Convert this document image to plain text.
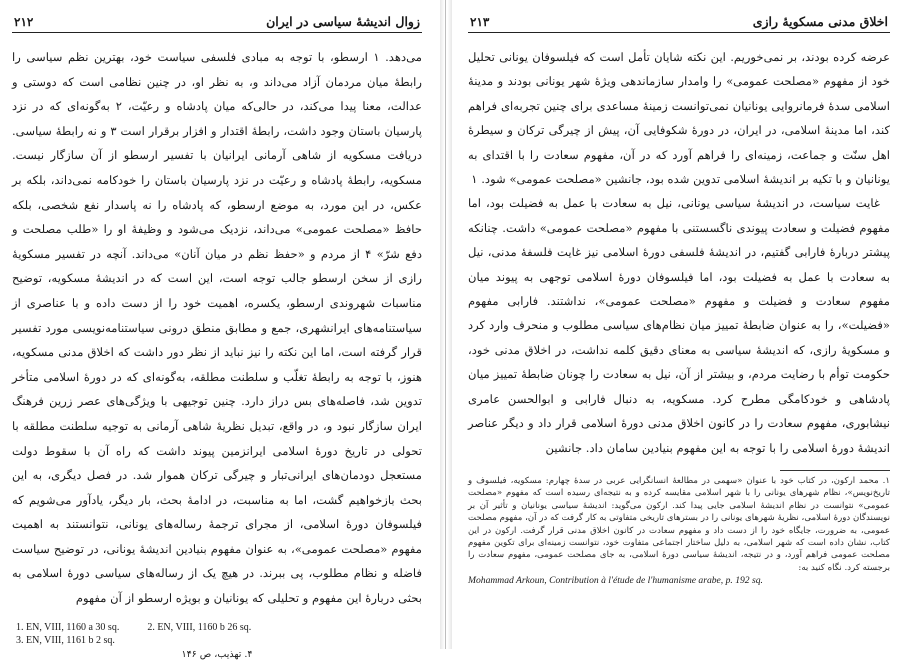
زوال اندیشهٔ سیاسی در ایران
۲۱۲

می‌دهد. ۱ ارسطو، با توجه به مبادی فلسفی سیاست خود، بهترین نظم سیاسی را رابطهٔ میان مردمان آزاد می‌داند و، به نظر او، در چنین نظامی است که دوستی و عدالت، معنا پیدا می‌کند، در حالی‌که میان پادشاه و رعیّت، ۲ به‌گونه‌ای که در نزد پارسیان باستان وجود داشت، رابطهٔ اقتدار و افزار برقرار است ۳ و نه رابطهٔ سیاسی. دریافت مسکویه از شاهی آرمانی ایرانیان با تفسیر ارسطو از آن سازگار نیست. مسکویه، رابطهٔ پادشاه و رعیّت در نزد پارسیان باستان را خودکامه نمی‌داند، بلکه بر عکس، در این مورد، به موضع ارسطو، که پادشاه را نه پاسدار نفع شخصی، بلکه حافظ «مصلحت عمومی» می‌داند، نزدیک می‌شود و وظیفهٔ او را «طلب مصلحت و دفع شرّ» ۴ از مردم و «حفظ نظم در میان آنان» می‌داند. آنچه در تفسیر مسکویهٔ رازی از سخن ارسطو جالب توجه است، این است که در اندیشهٔ مسکویه، توضیح مناسبات شهروندی ارسطو، یکسره، اهمیت خود را از دست داده و با عناصری از سیاستنامه‌های ایرانشهری، جمع و مطابق منطق درونی سیاستنامه‌نویسی مورد تفسیر قرار گرفته است، اما این نکته را نیز نباید از نظر دور داشت که اخلاق مدنی مسکویه، هنوز، با توجه به رابطهٔ تغلّب و سلطنت مطلقه، به‌گونه‌ای که در دورهٔ اسلامی متأخر تدوین شد، فاصله‌های بس دراز دارد. چنین توجیهی با ویژگی‌های عصر زرین فرهنگ ایران سازگار نبود و، در واقع، تبدیل نظریهٔ شاهی آرمانی به توجیه سلطنت مطلقه با تحولی در تاریخ دورهٔ اسلامی ایرانزمین پیوند داشت که راه آن با سقوط دولت مستعجل دودمان‌های ایرانی‌تبار و چیرگی ترکان هموار شد. در فصل دیگری، به این بحث بازخواهیم گشت، اما به مناسبت، در ادامهٔ بحث، بار دیگر، یادآور می‌شویم که فیلسوفان دورهٔ اسلامی، از مجرای ترجمهٔ رساله‌های یونانی، نتوانستند به اهمیت مفهوم «مصلحت عمومی»، به عنوان مفهوم بنیادین اندیشهٔ یونانی، در توضیح سیاست فاضله و نظام مطلوب، پی ببرند. در هیچ یک از رساله‌های سیاسی دورهٔ اسلامی به بحثی دربارهٔ این مفهوم و تحلیلی که یونانیان و بویژه ارسطو از آن مفهوم

1. EN, VIII, 1160 a 30 sq.	2. EN, VIII, 1160 b 26 sq.
3. EN, VIII, 1161 b 2 sq.
۴. تهذیب، ص ۱۴۶
اخلاق مدنی مسکویهٔ رازی
۲۱۳

عرضه کرده بودند، بر نمی‌خوریم. این نکته شایان تأمل است که فیلسوفان یونانی تحلیل خود از مفهوم «مصلحت عمومی» را وامدار سازماندهی ویژهٔ شهر یونانی بودند و مدینهٔ اسلامی سدهٔ فرمانروایی یونانیان نمی‌توانست زمینهٔ مساعدی برای چنین تجربه‌ای فراهم کند، اما مدینهٔ اسلامی، در ایران، در دورهٔ شکوفایی آن، پیش از چیرگی ترکان و سیطرهٔ اهل سنّت و جماعت، زمینه‌ای را فراهم آورد که در آن، مفهوم سعادت را با اقتدای به یونانیان و با تکیه بر اندیشهٔ اسلامی تدوین شده بود، جانشین «مصلحت عمومی» شود. ۱

غایت سیاست، در اندیشهٔ سیاسی یونانی، نیل به سعادت با عمل به فضیلت بود، اما مفهوم فضیلت و سعادت پیوندی ناگسستنی با مفهوم «مصلحت عمومی» داشت. چنانکه پیشتر دربارهٔ فارابی گفتیم، در اندیشهٔ فلسفی دورهٔ اسلامی نیز غایت فلسفهٔ مدنی، نیل به سعادت با عمل به فضیلت بود، اما فیلسوفان دورهٔ اسلامی توجهی به پیوند میان مفهوم سعادت و فضیلت و مفهوم «مصلحت عمومی»، نداشتند. فارابی مفهوم «فضیلت»، را به عنوان ضابطهٔ تمییز میان نظام‌های سیاسی مطلوب و منحرف وارد کرد و مسکویهٔ رازی، که اندیشهٔ سیاسی به معنای دقیق کلمه نداشت، در اخلاق مدنی خود، حکومت توأم با رضایت مردم، و بیشتر از آن، نیل به سعادت را چونان ضابطهٔ تمییز میان پادشاهی و خودکامگی مطرح کرد. مسکویه، به دنبال فارابی و ابوالحسن عامری نیشابوری، مفهوم سعادت را در کانون اخلاق مدنی دورهٔ اسلامی قرار داد و دیگر عناصر اندیشهٔ دورهٔ اسلامی را با توجه به این مفهوم بنیادین سامان داد. جانشین

۱. محمد ارکون، در کتاب خود با عنوان «سهمی در مطالعهٔ انسانگرایی عربی در سدهٔ چهارم: مسکویه، فیلسوف و تاریخ‌نویس»، نظام شهرهای یونانی را با شهر اسلامی مقایسه کرده و به نتیجه‌ای رسیده است که مفهوم «مصلحت عمومی» نتوانست در نظام اندیشهٔ اسلامی جایی پیدا کند. ارکون می‌گوید: اندیشهٔ سیاسی یونانیان و تأثیر آن بر نویسندگان دورهٔ اسلامی، نظریهٔ شهرهای یونانی را در بسترهای تاریخی متفاوتی به کار گرفت که در آن، مفهوم مصلحت عمومی، به ضرورت، جایگاه خود را از دست داد و مفهوم سعادت در کانون اخلاق مدنی قرار گرفت. ارکون در این کتاب، نشان داده است که شهر اسلامی، به دلیل ساختار اجتماعی متفاوت خود، نتوانست زمینه‌ای برای تکوین مفهوم مصلحت عمومی فراهم آورد، و در نتیجه، اندیشهٔ سیاسی دورهٔ اسلامی، به جای مصلحت عمومی، مفهوم سعادت را برجسته کرد. نگاه کنید به:

Mohammad Arkoun, Contribution à l'étude de l'humanisme arabe, p. 192 sq.
